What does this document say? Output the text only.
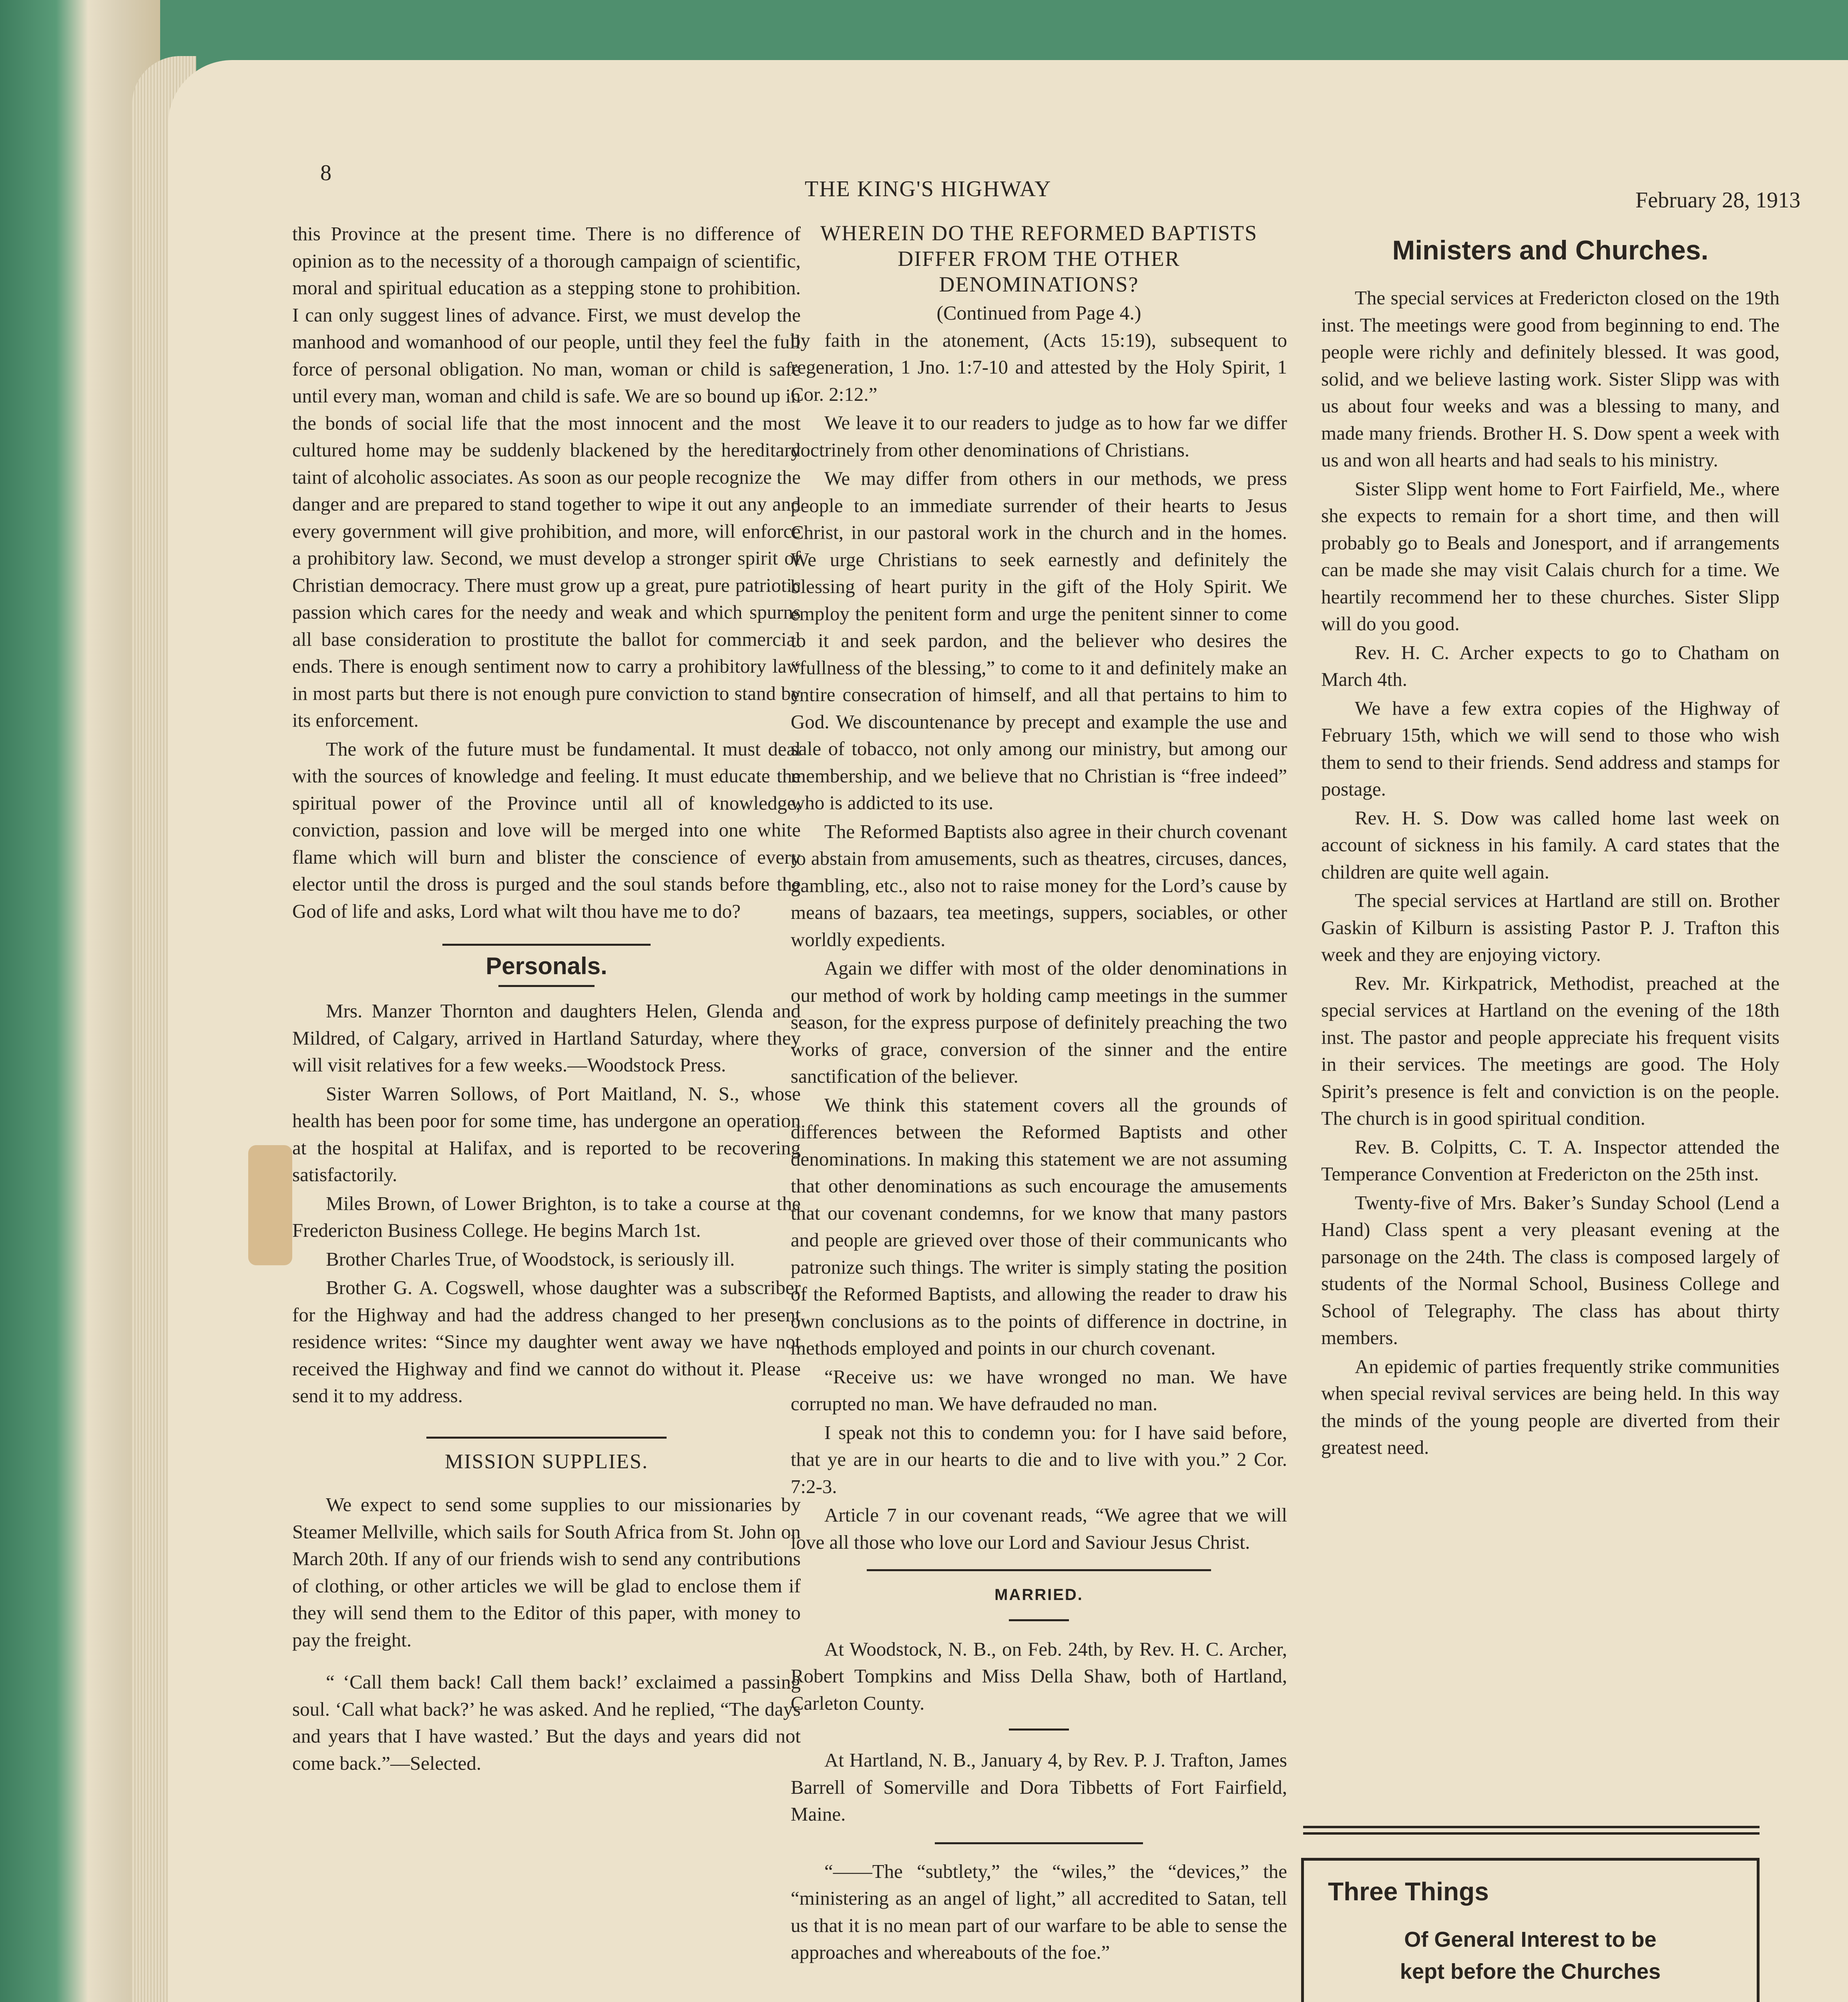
8
THE KING'S HIGHWAY	February 28, 1913

this Province at the present time. There is no difference of opinion as to the necessity of a thorough campaign of scientific, moral and spiritual education as a stepping stone to prohibition. I can only suggest lines of advance. First, we must develop the manhood and womanhood of our people, until they feel the full force of personal obligation. No man, woman or child is safe until every man, woman and child is safe. We are so bound up in the bonds of social life that the most innocent and the most cultured home may be suddenly blackened by the hereditary taint of alcoholic associates. As soon as our people recognize the danger and are prepared to stand together to wipe it out any and every government will give prohibition, and more, will enforce a prohibitory law. Second, we must develop a stronger spirit of Christian democracy. There must grow up a great, pure patriotic passion which cares for the needy and weak and which spurns all base consideration to prostitute the ballot for commercial ends. There is enough sentiment now to carry a prohibitory law in most parts but there is not enough pure conviction to stand by its enforcement.

The work of the future must be fundamental. It must deal with the sources of knowledge and feeling. It must educate the spiritual power of the Province until all of knowledge, conviction, passion and love will be merged into one white flame which will burn and blister the conscience of every elector until the dross is purged and the soul stands before the God of life and asks, Lord what wilt thou have me to do?

Personals.

Mrs. Manzer Thornton and daughters Helen, Glenda and Mildred, of Calgary, arrived in Hartland Saturday, where they will visit relatives for a few weeks.—Woodstock Press.

Sister Warren Sollows, of Port Maitland, N. S., whose health has been poor for some time, has undergone an operation at the hospital at Halifax, and is reported to be recovering satisfactorily.

Miles Brown, of Lower Brighton, is to take a course at the Fredericton Business College. He begins March 1st.

Brother Charles True, of Woodstock, is seriously ill.

Brother G. A. Cogswell, whose daughter was a subscriber for the Highway and had the address changed to her present residence writes: “Since my daughter went away we have not received the Highway and find we cannot do without it. Please send it to my address.

MISSION SUPPLIES.

We expect to send some supplies to our missionaries by Steamer Mellville, which sails for South Africa from St. John on March 20th. If any of our friends wish to send any contributions of clothing, or other articles we will be glad to enclose them if they will send them to the Editor of this paper, with money to pay the freight.

“ ‘Call them back! Call them back!’ exclaimed a passing soul. ‘Call what back?’ he was asked. And he replied, “The days and years that I have wasted.’ But the days and years did not come back.”—Selected.

WHEREIN DO THE REFORMED BAPTISTS DIFFER FROM THE OTHER DENOMINATIONS?
(Continued from Page 4.)

by faith in the atonement, (Acts 15:19), subsequent to regeneration, 1 Jno. 1:7-10 and attested by the Holy Spirit, 1 Cor. 2:12.”

We leave it to our readers to judge as to how far we differ doctrinely from other denominations of Christians.

We may differ from others in our methods, we press people to an immediate surrender of their hearts to Jesus Christ, in our pastoral work in the church and in the homes. We urge Christians to seek earnestly and definitely the blessing of heart purity in the gift of the Holy Spirit. We employ the penitent form and urge the penitent sinner to come to it and seek pardon, and the believer who desires the “fullness of the blessing,” to come to it and definitely make an entire consecration of himself, and all that pertains to him to God. We discountenance by precept and example the use and sale of tobacco, not only among our ministry, but among our membership, and we believe that no Christian is “free indeed” who is addicted to its use.

The Reformed Baptists also agree in their church covenant to abstain from amusements, such as theatres, circuses, dances, gambling, etc., also not to raise money for the Lord’s cause by means of bazaars, tea meetings, suppers, sociables, or other worldly expedients.

Again we differ with most of the older denominations in our method of work by holding camp meetings in the summer season, for the express purpose of definitely preaching the two works of grace, conversion of the sinner and the entire sanctification of the believer.

We think this statement covers all the grounds of differences between the Reformed Baptists and other denominations. In making this statement we are not assuming that other denominations as such encourage the amusements that our covenant condemns, for we know that many pastors and people are grieved over those of their communicants who patronize such things. The writer is simply stating the position of the Reformed Baptists, and allowing the reader to draw his own conclusions as to the points of difference in doctrine, in methods employed and points in our church covenant.

“Receive us: we have wronged no man. We have corrupted no man. We have defrauded no man.

I speak not this to condemn you: for I have said before, that ye are in our hearts to die and to live with you.” 2 Cor. 7:2-3.

Article 7 in our covenant reads, “We agree that we will love all those who love our Lord and Saviour Jesus Christ.

MARRIED.

At Woodstock, N. B., on Feb. 24th, by Rev. H. C. Archer, Robert Tompkins and Miss Della Shaw, both of Hartland, Carleton County.

At Hartland, N. B., January 4, by Rev. P. J. Trafton, James Barrell of Somerville and Dora Tibbetts of Fort Fairfield, Maine.

“——The “subtlety,” the “wiles,” the “devices,” the “ministering as an angel of light,” all accredited to Satan, tell us that it is no mean part of our warfare to be able to sense the approaches and whereabouts of the foe.”

Ministers and Churches.

The special services at Fredericton closed on the 19th inst. The meetings were good from beginning to end. The people were richly and definitely blessed. It was good, solid, and we believe lasting work. Sister Slipp was with us about four weeks and was a blessing to many, and made many friends. Brother H. S. Dow spent a week with us and won all hearts and had seals to his ministry.

Sister Slipp went home to Fort Fairfield, Me., where she expects to remain for a short time, and then will probably go to Beals and Jonesport, and if arrangements can be made she may visit Calais church for a time. We heartily recommend her to these churches. Sister Slipp will do you good.

Rev. H. C. Archer expects to go to Chatham on March 4th.

We have a few extra copies of the Highway of February 15th, which we will send to those who wish them to send to their friends. Send address and stamps for postage.

Rev. H. S. Dow was called home last week on account of sickness in his family. A card states that the children are quite well again.

The special services at Hartland are still on. Brother Gaskin of Kilburn is assisting Pastor P. J. Trafton this week and they are enjoying victory.

Rev. Mr. Kirkpatrick, Methodist, preached at the special services at Hartland on the evening of the 18th inst. The pastor and people appreciate his frequent visits in their services. The meetings are good. The Holy Spirit’s presence is felt and conviction is on the people. The church is in good spiritual condition.

Rev. B. Colpitts, C. T. A. Inspector attended the Temperance Convention at Fredericton on the 25th inst.

Twenty-five of Mrs. Baker’s Sunday School (Lend a Hand) Class spent a very pleasant evening at the parsonage on the 24th. The class is composed largely of students of the Normal School, Business College and School of Telegraphy. The class has about thirty members.

An epidemic of parties frequently strike communities when special revival services are being held. In this way the minds of the young people are diverted from their greatest need.

Three Things
Of General Interest to be
kept before the Churches
